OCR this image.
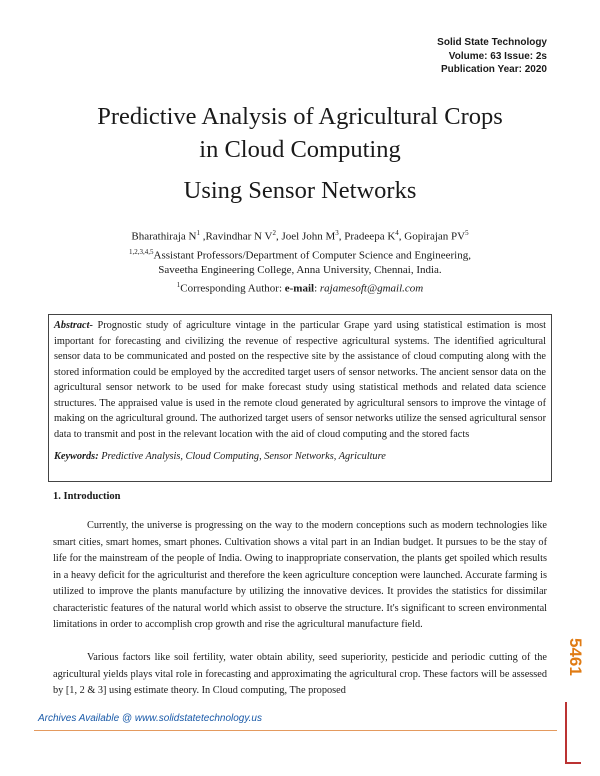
Solid State Technology
Volume: 63 Issue: 2s
Publication Year: 2020
Predictive Analysis of Agricultural Crops
in Cloud Computing
Using Sensor Networks
Bharathiraja $N^1$ ,Ravindhar N $V^2$, Joel John $M^3$, Pradeepa $K^4$, Gopirajan $PV^5$
$^{1,2,3,4,5}$Assistant Professors/Department of Computer Science and Engineering,
Saveetha Engineering College, Anna University, Chennai, India.
$^1$Corresponding Author: e-mail: rajamesoft@gmail.com
Abstract- Prognostic study of agriculture vintage in the particular Grape yard using statistical estimation is most important for forecasting and civilizing the revenue of respective agricultural systems. The identified agricultural sensor data to be communicated and posted on the respective site by the assistance of cloud computing along with the stored information could be employed by the accredited target users of sensor networks. The ancient sensor data on the agricultural sensor network to be used for make forecast study using statistical methods and related data science structures. The appraised value is used in the remote cloud generated by agricultural sensors to improve the vintage of making on the agricultural ground. The authorized target users of sensor networks utilize the sensed agricultural sensor data to transmit and post in the relevant location with the aid of cloud computing and the stored facts
Keywords: Predictive Analysis, Cloud Computing, Sensor Networks, Agriculture
1. Introduction
Currently, the universe is progressing on the way to the modern conceptions such as modern technologies like smart cities, smart homes, smart phones. Cultivation shows a vital part in an Indian budget. It pursues to be the stay of life for the mainstream of the people of India. Owing to inappropriate conservation, the plants get spoiled which results in a heavy deficit for the agriculturist and therefore the keen agriculture conception were launched. Accurate farming is utilized to improve the plants manufacture by utilizing the innovative devices. It provides the statistics for dissimilar characteristic features of the natural world which assist to observe the structure. It's significant to screen environmental limitations in order to accomplish crop growth and rise the agricultural manufacture field.
Various factors like soil fertility, water obtain ability, seed superiority, pesticide and periodic cutting of the agricultural yields plays vital role in forecasting and approximating the agricultural crop. These factors will be assessed by [1, 2 & 3] using estimate theory. In Cloud computing, The proposed
5461
Archives Available @ www.solidstatetechnology.us
